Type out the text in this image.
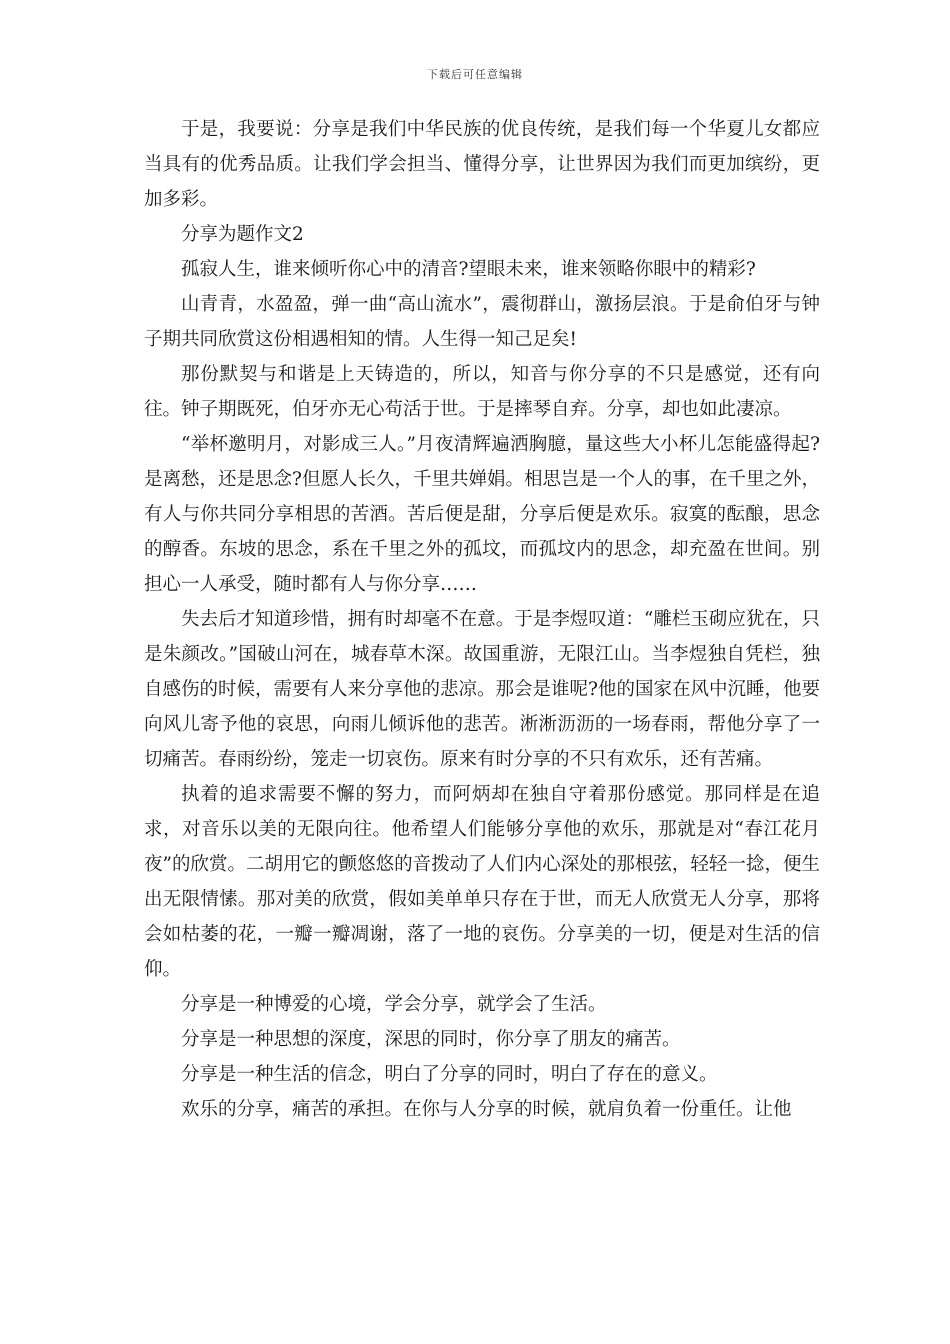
下载后可任意编辑

于是，我要说：分享是我们中华民族的优良传统，是我们每一个华夏儿女都应当具有的优秀品质。让我们学会担当、懂得分享，让世界因为我们而更加缤纷，更加多彩。

分享为题作文2

孤寂人生，谁来倾听你心中的清音?望眼未来，谁来领略你眼中的精彩?

山青青，水盈盈，弹一曲“高山流水”，震彻群山，激扬层浪。于是俞伯牙与钟子期共同欣赏这份相遇相知的情。人生得一知己足矣!

那份默契与和谐是上天铸造的，所以，知音与你分享的不只是感觉，还有向往。钟子期既死，伯牙亦无心苟活于世。于是摔琴自弃。分享，却也如此凄凉。

“举杯邀明月，对影成三人。”月夜清辉遍洒胸臆，量这些大小杯儿怎能盛得起?是离愁，还是思念?但愿人长久，千里共婵娟。相思岂是一个人的事，在千里之外，有人与你共同分享相思的苦酒。苦后便是甜，分享后便是欢乐。寂寞的酝酿，思念的醇香。东坡的思念，系在千里之外的孤坟，而孤坟内的思念，却充盈在世间。别担心一人承受，随时都有人与你分享……

失去后才知道珍惜，拥有时却毫不在意。于是李煜叹道：“雕栏玉砌应犹在，只是朱颜改。”国破山河在，城春草木深。故国重游，无限江山。当李煜独自凭栏，独自感伤的时候，需要有人来分享他的悲凉。那会是谁呢?他的国家在风中沉睡，他要向风儿寄予他的哀思，向雨儿倾诉他的悲苦。淅淅沥沥的一场春雨，帮他分享了一切痛苦。春雨纷纷，笼走一切哀伤。原来有时分享的不只有欢乐，还有苦痛。

执着的追求需要不懈的努力，而阿炳却在独自守着那份感觉。那同样是在追求，对音乐以美的无限向往。他希望人们能够分享他的欢乐，那就是对“春江花月夜”的欣赏。二胡用它的颤悠悠的音拨动了人们内心深处的那根弦，轻轻一捻，便生出无限情愫。那对美的欣赏，假如美单单只存在于世，而无人欣赏无人分享，那将会如枯萎的花，一瓣一瓣凋谢，落了一地的哀伤。分享美的一切，便是对生活的信仰。

分享是一种博爱的心境，学会分享，就学会了生活。

分享是一种思想的深度，深思的同时，你分享了朋友的痛苦。

分享是一种生活的信念，明白了分享的同时，明白了存在的意义。

欢乐的分享，痛苦的承担。在你与人分享的时候，就肩负着一份重任。让他
